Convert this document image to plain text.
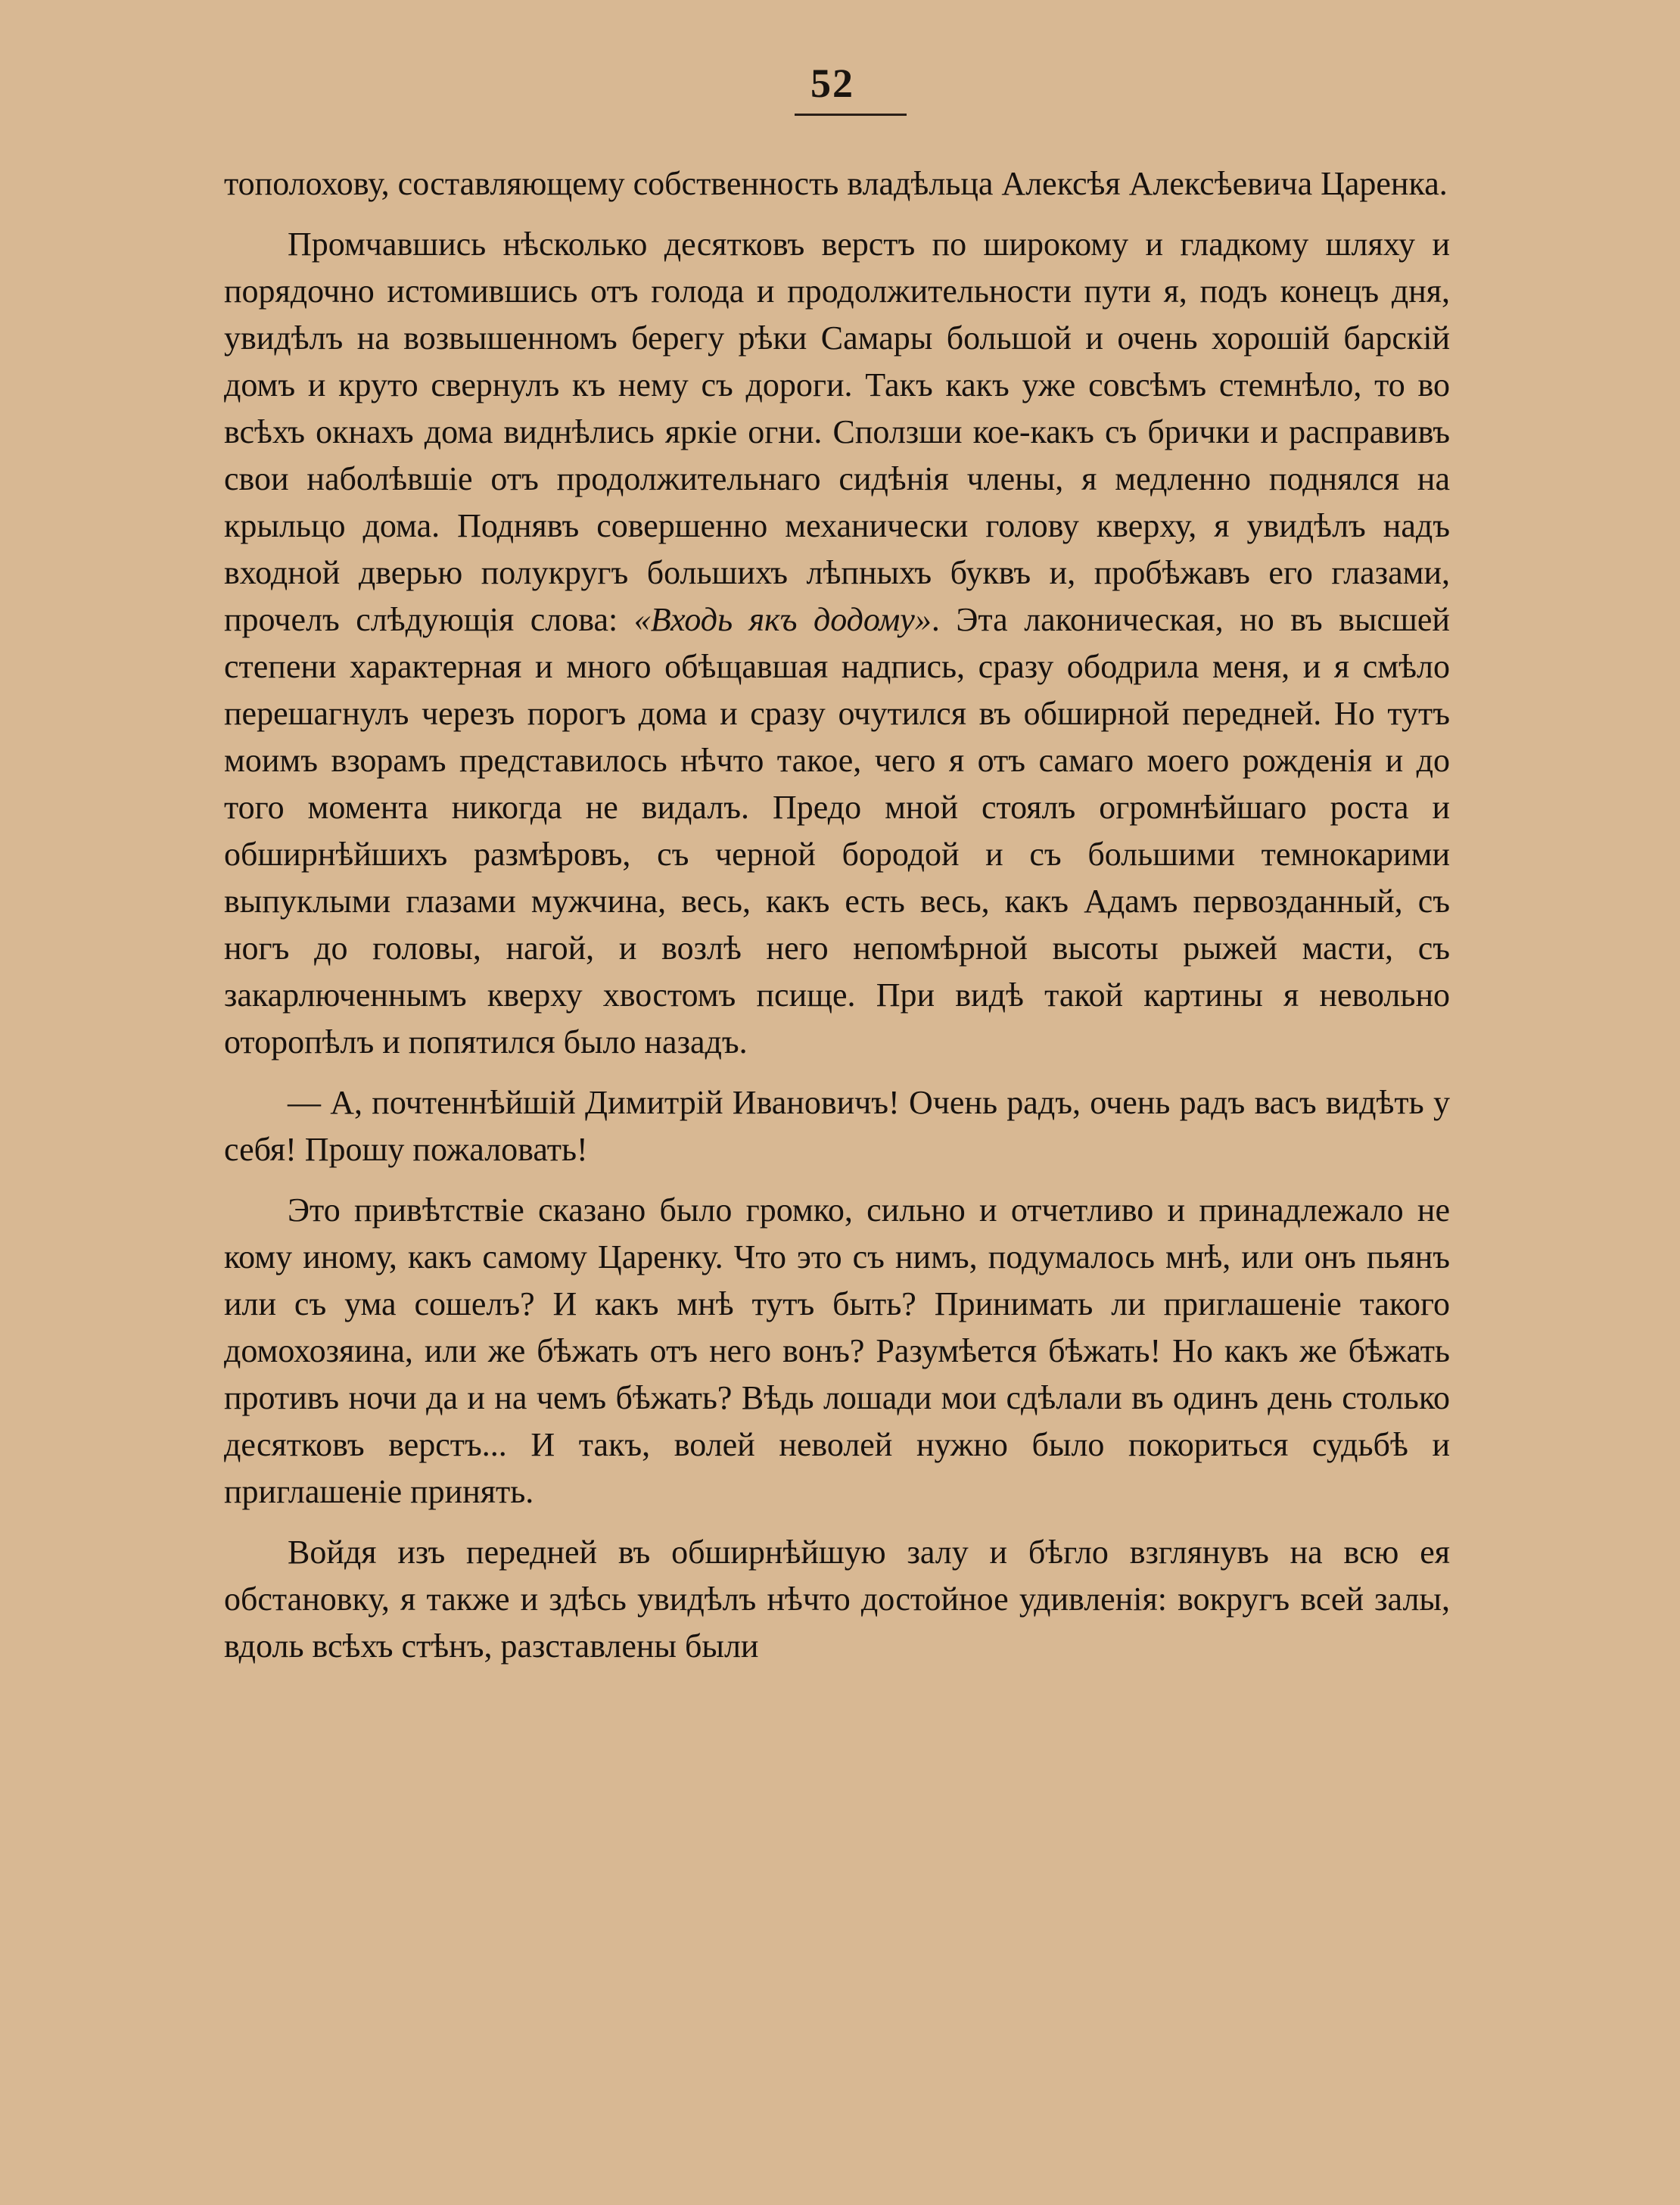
52

тополохову, составляющему собственность владѣльца Алексѣя Алексѣевича Царенка.

Промчавшись нѣсколько десятковъ верстъ по широкому и гладкому шляху и порядочно истомившись отъ голода и продолжительности пути я, подъ конецъ дня, увидѣлъ на возвышенномъ берегу рѣки Самары большой и очень хорошій барскій домъ и круто свернулъ къ нему съ дороги. Такъ какъ уже совсѣмъ стемнѣло, то во всѣхъ окнахъ дома виднѣлись яркіе огни. Сползши кое-какъ съ брички и расправивъ свои наболѣвшіе отъ продолжительнаго сидѣнія члены, я медленно поднялся на крыльцо дома. Поднявъ совершенно механически голову кверху, я увидѣлъ надъ входной дверью полукругъ большихъ лѣпныхъ буквъ и, пробѣжавъ его глазами, прочелъ слѣдующія слова: «Входь якъ додому». Эта лаконическая, но въ высшей степени характерная и много обѣщавшая надпись, сразу ободрила меня, и я смѣло перешагнулъ черезъ порогъ дома и сразу очутился въ обширной передней. Но тутъ моимъ взорамъ представилось нѣчто такое, чего я отъ самаго моего рожденія и до того момента никогда не видалъ. Предо мной стоялъ огромнѣйшаго роста и обширнѣйшихъ размѣровъ, съ черной бородой и съ большими темнокарими выпуклыми глазами мужчина, весь, какъ есть весь, какъ Адамъ первозданный, съ ногъ до головы, нагой, и возлѣ него непомѣрной высоты рыжей масти, съ закарлюченнымъ кверху хвостомъ псище. При видѣ такой картины я невольно оторопѣлъ и попятился было назадъ.

— А, почтеннѣйшій Димитрій Ивановичъ! Очень радъ, очень радъ васъ видѣть у себя! Прошу пожаловать!

Это привѣтствіе сказано было громко, сильно и отчетливо и принадлежало не кому иному, какъ самому Царенку. Что это съ нимъ, подумалось мнѣ, или онъ пьянъ или съ ума сошелъ? И какъ мнѣ тутъ быть? Принимать ли приглашеніе такого домохозяина, или же бѣжать отъ него вонъ? Разумѣется бѣжать! Но какъ же бѣжать противъ ночи да и на чемъ бѣжать? Вѣдь лошади мои сдѣлали въ одинъ день столько десятковъ верстъ... И такъ, волей неволей нужно было покориться судьбѣ и приглашеніе принять.

Войдя изъ передней въ обширнѣйшую залу и бѣгло взглянувъ на всю ея обстановку, я также и здѣсь увидѣлъ нѣчто достойное удивленія: вокругъ всей залы, вдоль всѣхъ стѣнъ, разставлены были
